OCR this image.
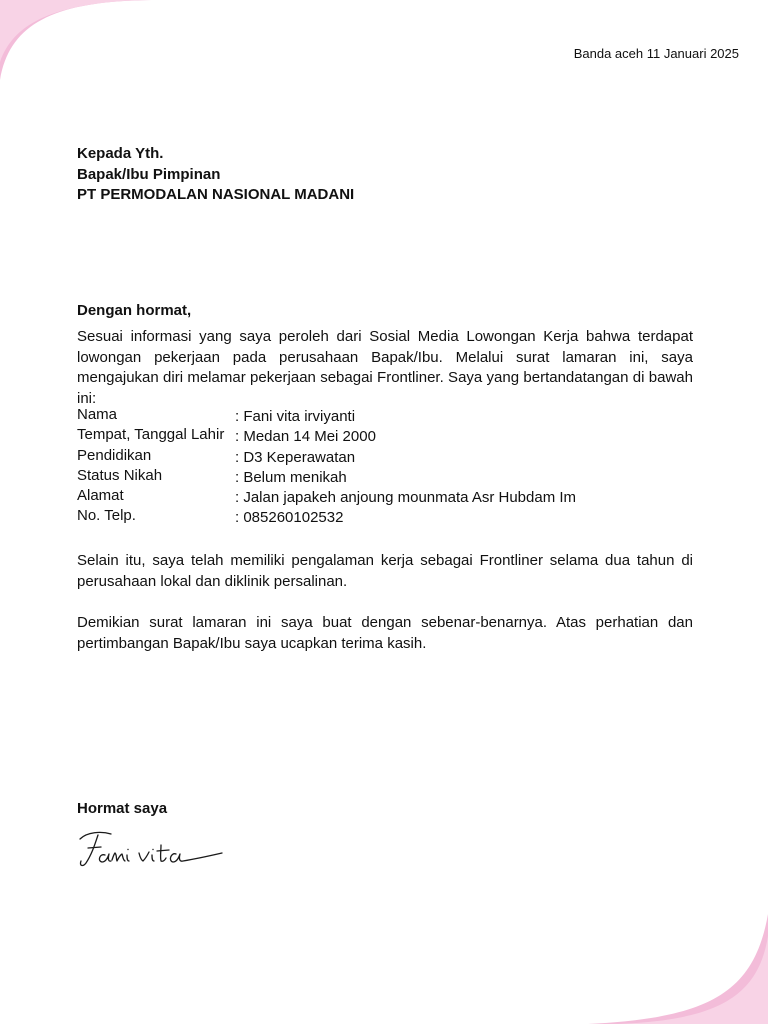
Banda aceh 11 Januari 2025
Kepada Yth.
Bapak/Ibu Pimpinan
PT PERMODALAN NASIONAL MADANI
Dengan hormat,
Sesuai informasi yang saya peroleh dari Sosial Media Lowongan Kerja bahwa terdapat lowongan pekerjaan pada perusahaan Bapak/Ibu. Melalui surat lamaran ini, saya mengajukan diri melamar pekerjaan sebagai Frontliner. Saya yang bertandatangan di bawah ini:
Nama	: Fani vita irviyanti
Tempat, Tanggal Lahir : Medan 14 Mei 2000
Pendidikan	: D3 Keperawatan
Status Nikah	: Belum menikah
Alamat	: Jalan japakeh anjoung mounmata Asr Hubdam Im
No. Telp.	: 085260102532
Selain itu, saya telah memiliki pengalaman kerja sebagai Frontliner selama dua tahun di perusahaan lokal dan diklinik persalinan.
Demikian surat lamaran ini saya buat dengan sebenar-benarnya. Atas perhatian dan pertimbangan Bapak/Ibu saya ucapkan terima kasih.
Hormat saya
